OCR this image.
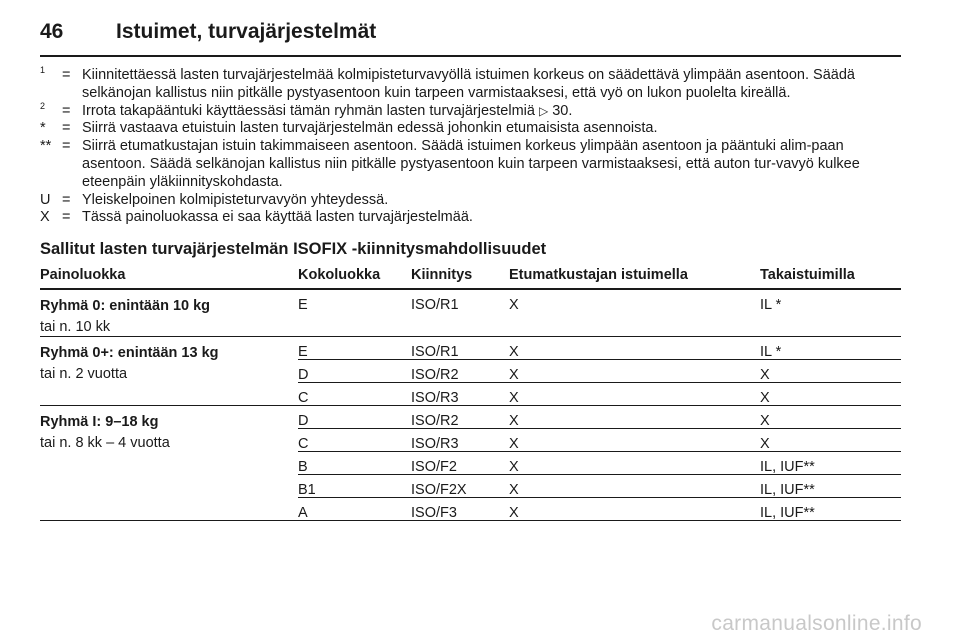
46	Istuimet, turvajärjestelmät
$^1$	= Kiinnitettäessä lasten turvajärjestelmää kolmipisteturvavyöllä istuimen korkeus on säädettävä ylimpään asentoon. Säädä selkänojan kallistus niin pitkälle pystyasentoon kuin tarpeen varmistaaksesi, että vyö on lukon puolelta kireällä.
$^2$	= Irrota takapääntuki käyttäessäsi tämän ryhmän lasten turvajärjestelmiä ▷ 30.
*	= Siirrä vastaava etuistuin lasten turvajärjestelmän edessä johonkin etumaisista asennoista.
** = Siirrä etumatkustajan istuin takimmaiseen asentoon. Säädä istuimen korkeus ylimpään asentoon ja pääntuki alim-paan asentoon. Säädä selkänojan kallistus niin pitkälle pystyasentoon kuin tarpeen varmistaaksesi, että auton tur-vavyö kulkee eteenpäin yläkiinnityskohdasta.
U = Yleiskelpoinen kolmipisteturvavyön yhteydessä.
X = Tässä painoluokassa ei saa käyttää lasten turvajärjestelmää.
Sallitut lasten turvajärjestelmän ISOFIX -kiinnitysmahdollisuudet
Painoluokka	Kokoluokka	Kiinnitys	Etumatkustajan istuimella	Takaistuimilla
Ryhmä 0: enintään 10 kg
tai n. 10 kk	E	ISO/R1	X	IL *
Ryhmä 0+: enintään 13 kg
tai n. 2 vuotta	E	ISO/R1	X	IL *
	D	ISO/R2	X	X
	C	ISO/R3	X	X
Ryhmä I: 9–18 kg
tai n. 8 kk – 4 vuotta	D	ISO/R2	X	X
	C	ISO/R3	X	X
	B	ISO/F2	X	IL, IUF**
	B1	ISO/F2X	X	IL, IUF**
	A	ISO/F3	X	IL, IUF**
carmanualsonline.info
